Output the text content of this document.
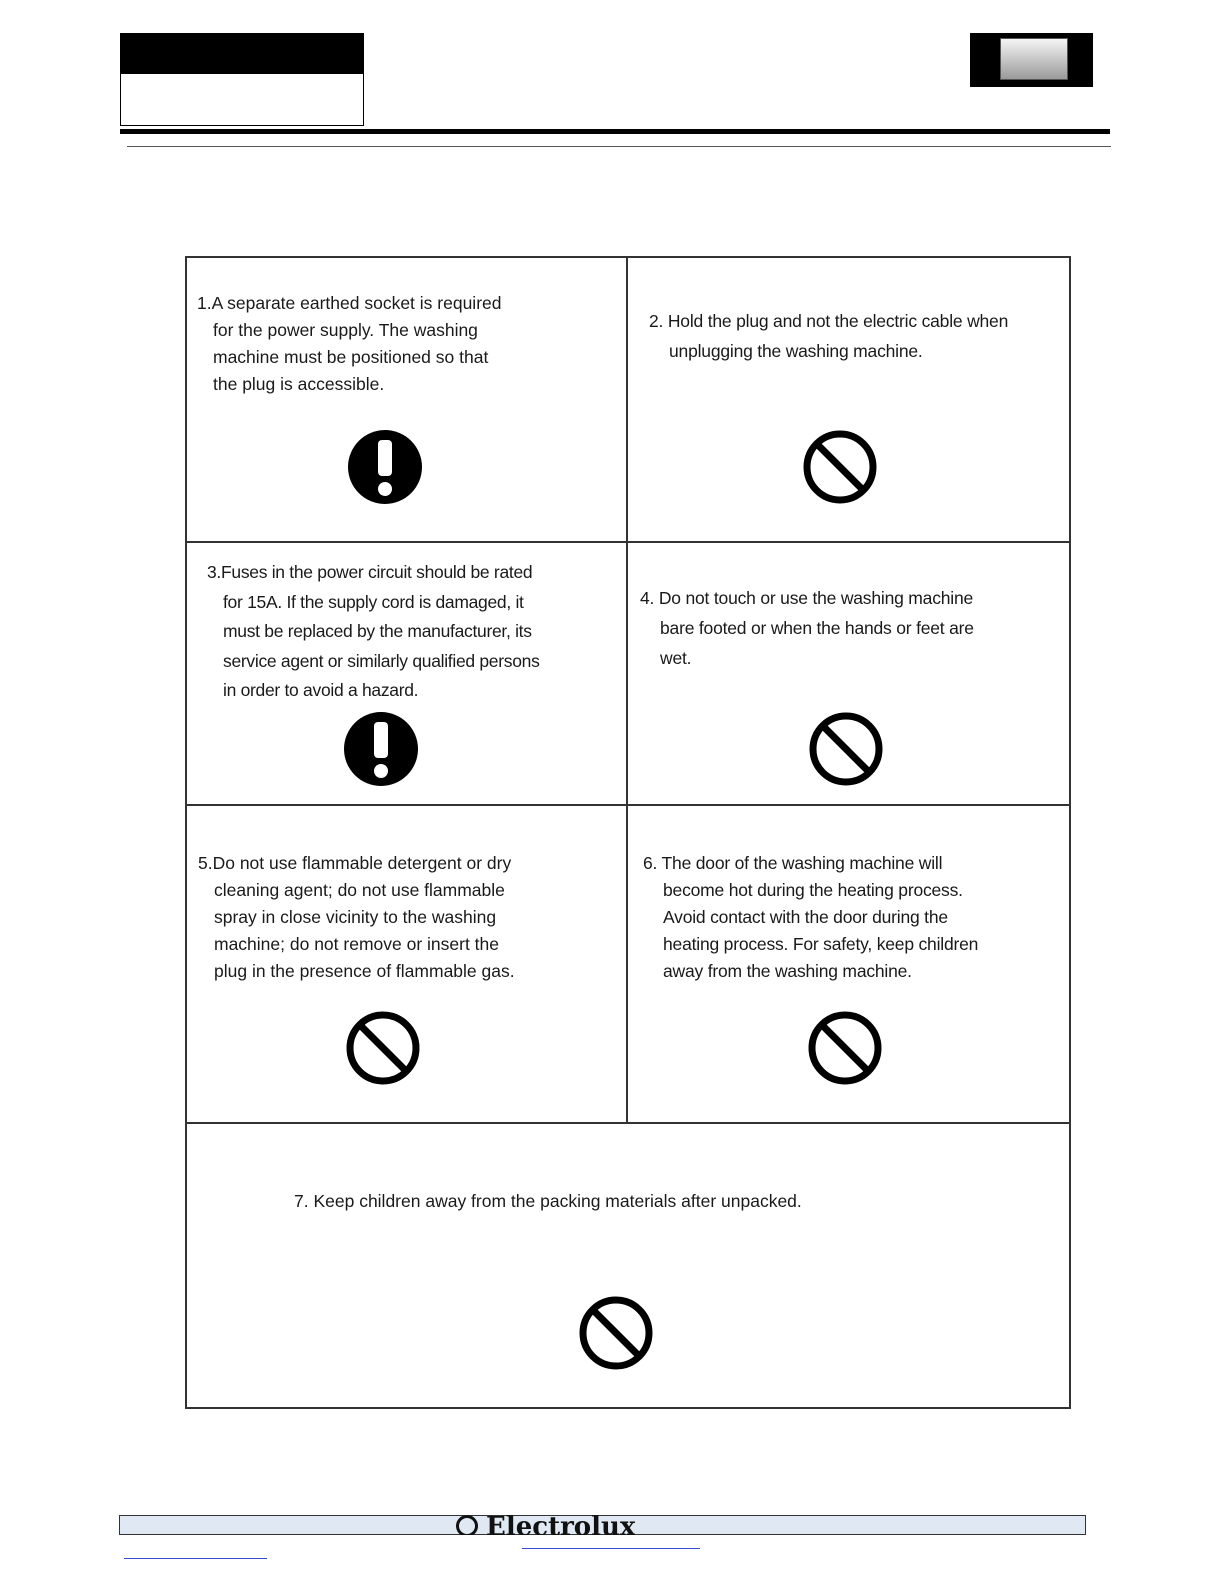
1.A separate earthed socket is required
for the power supply. The washing
machine must be positioned so that
the plug is accessible.
2. Hold the plug and not the electric cable when
unplugging the washing machine.
3.Fuses in the power circuit should be rated
for 15A. If the supply cord is damaged, it
must be replaced by the manufacturer, its
service agent or similarly qualified persons
in order to avoid a hazard.
4. Do not touch or use the washing machine
bare footed or when the hands or feet are
wet.
5.Do not use flammable detergent or dry
cleaning agent; do not use flammable
spray in close vicinity to the washing
machine; do not remove or insert the
plug in the presence of flammable gas.
6. The door of the washing machine will
become hot during the heating process.
Avoid contact with the door during the
heating process. For safety, keep children
away from the washing machine.
7. Keep children away from the packing materials after unpacked.
Electrolux
